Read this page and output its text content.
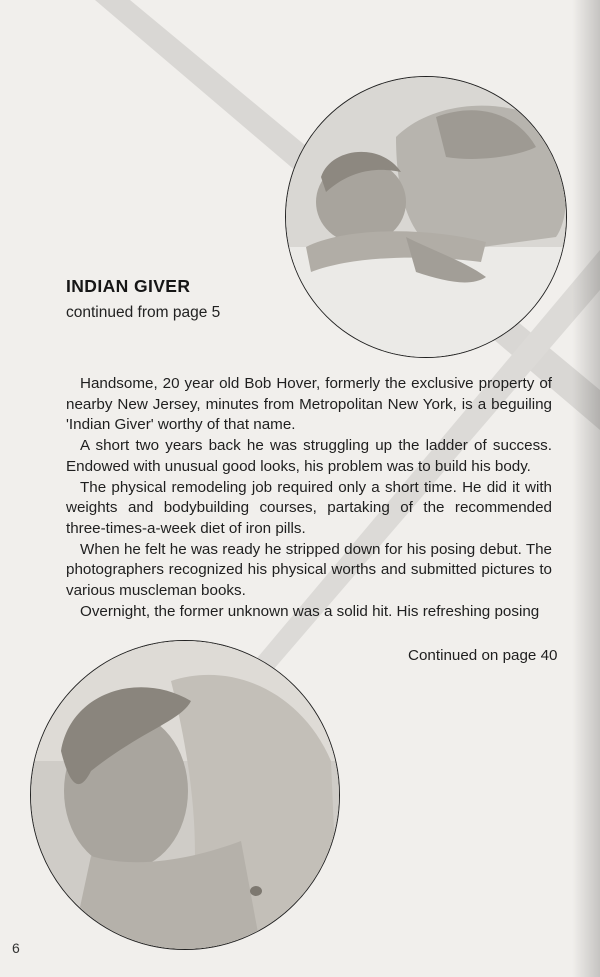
INDIAN GIVER
continued from page 5

Handsome, 20 year old Bob Hover, formerly the exclusive property of nearby New Jersey, minutes from Metropolitan New York, is a beguiling 'Indian Giver' worthy of that name.

A short two years back he was struggling up the ladder of success. Endowed with unusual good looks, his problem was to build his body.

The physical remodeling job required only a short time. He did it with weights and bodybuilding courses, partaking of the recommended three-times-a-week diet of iron pills.

When he felt he was ready he stripped down for his posing debut. The photographers recognized his physical worths and submitted pictures to various muscleman books.

Overnight, the former unknown was a solid hit. His refreshing posing

Continued on page 40
6
